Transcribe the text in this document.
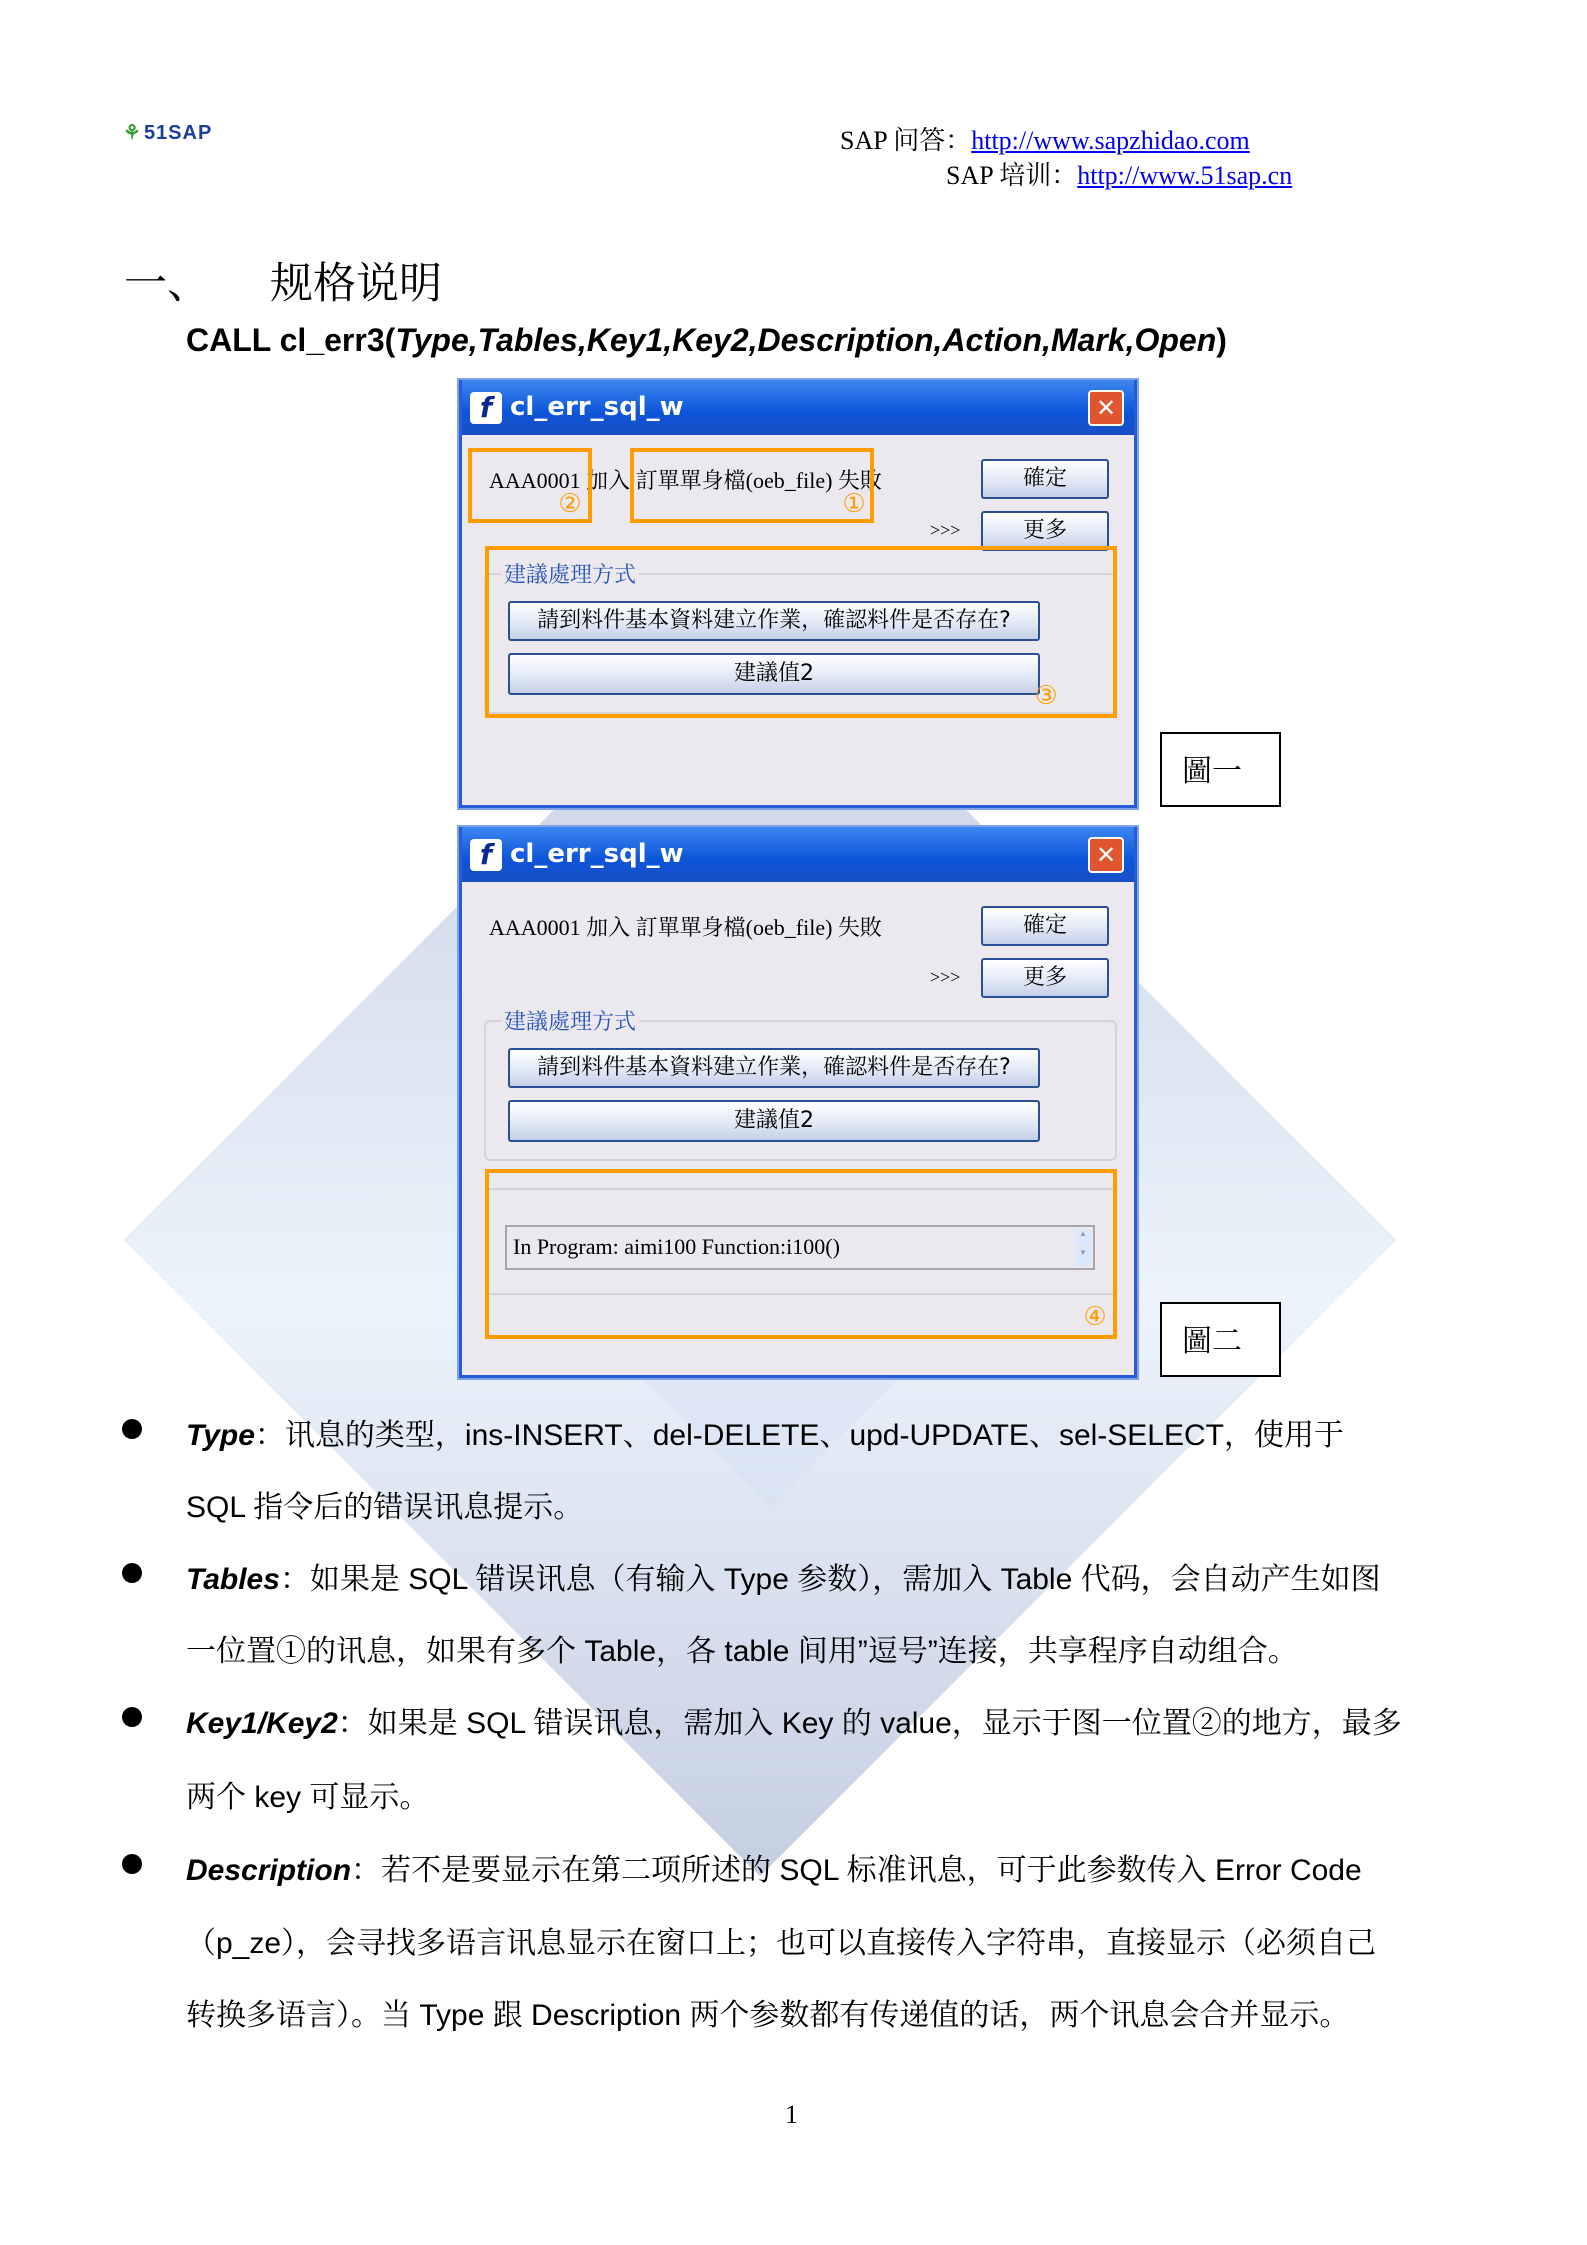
⚘ 51SAP	SAP 问答：http://www.sapzhidao.com
SAP 培训：http://www.51sap.cn
一、 规格说明
CALL cl_err3(Type,Tables,Key1,Key2,Description,Action,Mark,Open)
f cl_err_sql_w	✕
AAA0001 加入 訂單單身檔(oeb_file) 失敗	確定
>>>	更多
建議處理方式
請到料件基本資料建立作業，確認料件是否存在?
建議值2
②	①
③
圖一
f cl_err_sql_w	✕
AAA0001 加入 訂單單身檔(oeb_file) 失敗	確定
>>>	更多
建議處理方式
請到料件基本資料建立作業，確認料件是否存在?
建議值2
In Program: aimi100 Function:i100()
▲
▼
④
圖二
Type：讯息的类型，ins-INSERT、del-DELETE、upd-UPDATE、sel-SELECT，使用于
SQL 指令后的错误讯息提示。
Tables：如果是 SQL 错误讯息（有输入 Type 参数），需加入 Table 代码，会自动产生如图
一位置①的讯息，如果有多个 Table，各 table 间用”逗号”连接，共享程序自动组合。
Key1/Key2：如果是 SQL 错误讯息，需加入 Key 的 value，显示于图一位置②的地方，最多
两个 key 可显示。
Description：若不是要显示在第二项所述的 SQL 标准讯息，可于此参数传入 Error Code
（p_ze），会寻找多语言讯息显示在窗口上；也可以直接传入字符串，直接显示（必须自己
转换多语言）。当 Type 跟 Description 两个参数都有传递值的话，两个讯息会合并显示。
1
